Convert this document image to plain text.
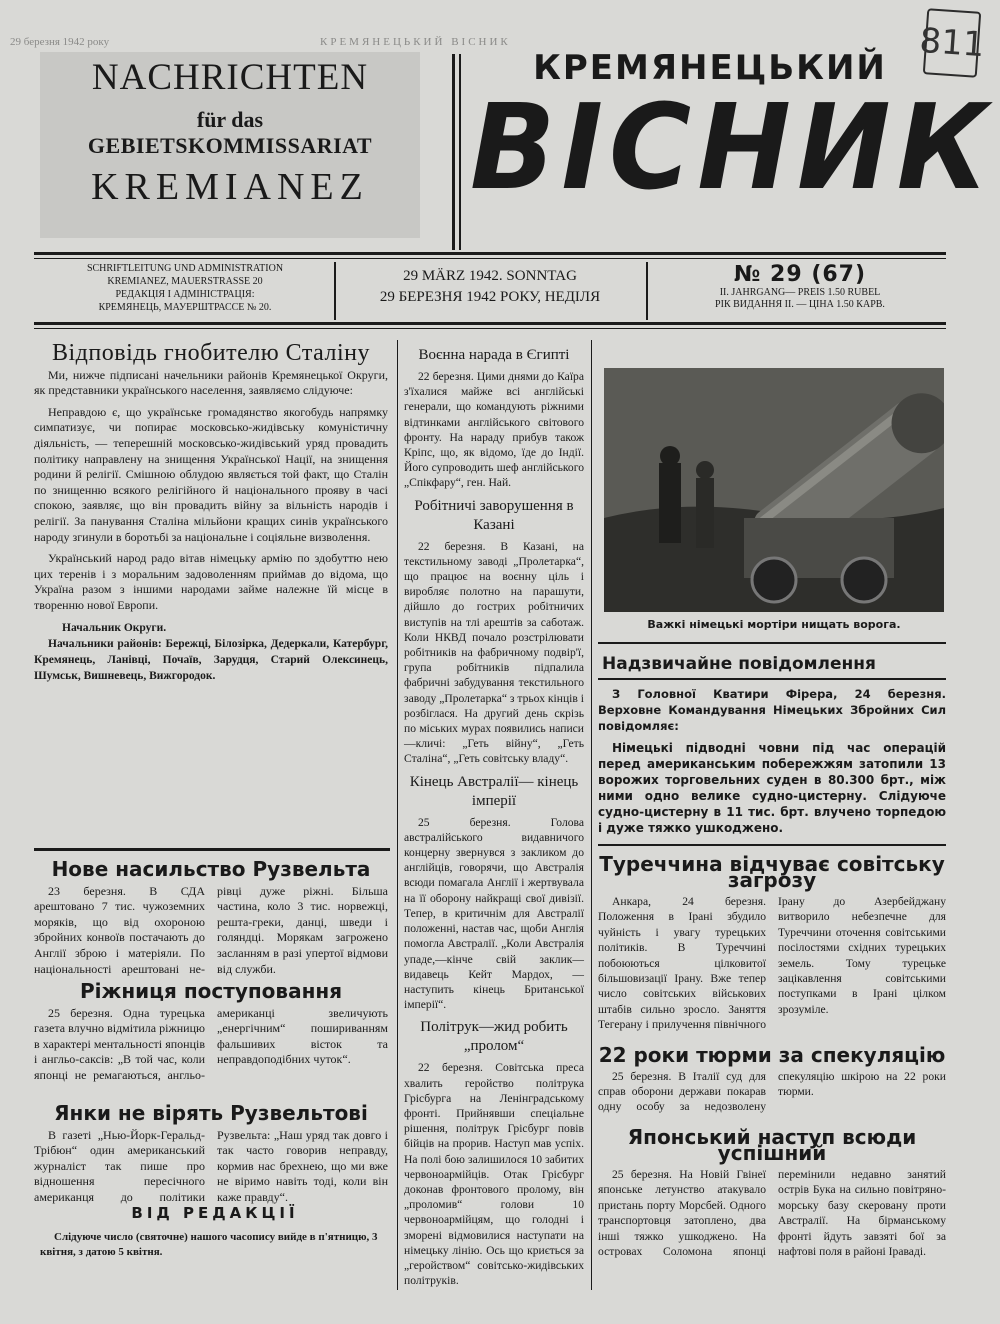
29 березня 1942 року	КРЕМЯНЕЦЬКИЙ ВІСНИК	811
NACHRICHTEN
für das
GEBIETSKOMMISSARIAT
KREMIANEZ
КРЕМЯНЕЦЬКИЙ
ВІСНИК
SCHRIFTLEITUNG UND ADMINISTRATION
KREMIANEZ, MAUERSTRASSE 20
РЕДАКЦІЯ І АДМІНІСТРАЦІЯ:
КРЕМЯНЕЦЬ, МАУЕРШТРАССЕ № 20.
29 MÄRZ 1942. SONNTAG
29 БЕРЕЗНЯ 1942 РОКУ, НЕДІЛЯ
№ 29 (67)
II. JAHRGANG— PREIS 1.50 RUBEL
РІК ВИДАННЯ II. — ЦІНА 1.50 КАРВ.
Відповідь гнобителю Сталіну

Ми, нижче підписані начельники районів Кремянецької Округи, як представники українського населення, заявляємо слідуюче:

Неправдою є, що українське громадянство якогобудь напрямку симпатизує, чи попирає московсько-жидівську комуністичну діяльність, — теперешній московсько-жидівський уряд провадить політику направлену на знищення Української Нації, на знищення родини й релігії. Смішною облудою являється той факт, що Сталін по знищенню всякого релігійного й національного прояву в часі спокою, заявляє, що він провадить війну за вільність народів і релігії. За панування Сталіна мільйони кращих синів українського народу згинули в боротьбі за національне і соціяльне визволення.

Український народ радо вітав німецьку армію по здобуттю нею цих теренів і з моральним задоволенням приймав до відома, що Україна разом з іншими народами займе належне їй місце в твоpенню нової Европи.

Начальник Округи.
Начальники районів: Бережці, Білозірка, Дедеркали, Катербург, Кремянець, Ланівці, Почаїв, Зарудця, Старий Олексинець, Шумськ, Вишневець, Вижгородок.
Нове насильство Рузвельта

23 березня. В СДА арештовано 7 тис. чужоземних моряків, що від охороною збройних конвоїв постачають до Англії зброю і матеріяли. По національності арештовані не-рівці дуже ріжні. Більша частина, коло 3 тис. норвежці, решта-греки, данці, шведи і голяндці. Морякам загрожено засланням в разі упертої відмови від служби.

Ріжниця поступовання

25 березня. Одна турецька газета влучно відмітила ріжницю в характері ментальності японців і англьо-саксів: „В той час, коли японці не ремагаються, англьо-американці звеличують „енергічним“ пошириванням фальшивих вісток та неправдоподібних чуток“.

Янки не вірять Рузвельтові

В газеті „Нью-Йорк-Геральд-Трібюн“ один американський журналіст так пише про відношення пересічного американця до політики Рузвельта: „Наш уряд так довго і так часто говорив неправду, кормив нас брехнею, що ми вже не віримо навіть тоді, коли він каже правду“.

ВІД РЕДАКЦІЇ
Слідуюче число (святочне) нашого часопису вийде в п'ятницю, 3 квітня, з датою 5 квітня.
Воєнна нарада в Єгипті

22 березня. Цими днями до Каїра з'їхалися майже всі англійські генерали, що командують ріжними відтинками англійського світового фронту. На нараду прибув також Кріпс, що, як відомо, їде до Індії. Його супроводить шеф англійського „Спікфару“, ген. Най.

Робітничі заворушення в Казані

22 березня. В Казані, на текстильному заводі „Пролетарка“, що працює на воєнну ціль і виробляє полотно на парашути, дійшло до гострих робітничих виступів на тлі арештів за саботаж. Коли НКВД почало розстрілювати робітників на фабричному подвір'ї, група робітників підпалила фабричні забудування текстильного заводу „Пролетарка“ з трьох кінців і розбіглася. На другий день скрізь по міських мурах появились написи—кличі: „Геть війну“, „Геть Сталіна“, „Геть совітську владу“.

Кінець Австралії— кінець імперії

25 березня. Голова австралійського видавничого концерну звернувся з закликом до англійців, говорячи, що Австралія всюди помагала Англії і жертвувала на її оборону найкращі свої дивізії. Тепер, в критичнім для Австралії положенні, настав час, щоби Англія помогла Австралії. „Коли Австралія упаде,—кінче свій заклик—видавець Кейт Мардох, — наступить кінець Британської імперії“.

Політрук—жид робить „пролом“

22 березня. Совітська преса хвалить геройство політрука Грісбурга на Ленінградському фронті. Прийнявши спеціальне рішення, політрук Грісбург повів бійців на прорив. Наступ мав успіх. На полі бою залишилося 10 забитих червоноармійців. Отак Грісбург доконав фронтового пролому, він „проломив“ голови 10 червоноармійцям, що голодні і зморені відмовилися наступати на німецьку лінію. Ось що криється за „геройством“ совітсько-жидівських політруків.

Важкі німецькі мортіри нищать ворога.
Надзвичайне повідомлення

З Головної Кватири Фірера, 24 березня. Верховне Командування Німецьких Збройних Сил повідомляє:

Німецькі підводні човни під час операцій перед американським побережжям затопили 13 ворожих торговельних суден в 80.300 брт., між ними одно велике судно-цистерну. Слідуюче судно-цистерну в 11 тис. брт. влучено торпедою і дуже тяжко ушкоджено.

Туреччина відчуває совітську загрозу

Анкара, 24 березня. Положення в Ірані збудило чуйність і увагу турецьких політиків. В Туреччині побоюються цілковитої більшовизації Ірану. Вже тепер число совітських військових штабів сильно зросло. Заняття Тегерану і прилучення північного Ірану до Азербейджану витворило небезпечне для Туреччини оточення совітськими посілостями східних турецьких земель. Тому турецьке зацікавлення совітськими поступками в Ірані цілком зрозуміле.

22 роки тюрми за спекуляцію

25 березня. В Італії суд для справ оборони держави покарав одну особу за недозволену спекуляцію шкірою на 22 роки тюрми.

Японський наступ всюди успішний

25 березня. На Новій Гвінеї японське летунство атакувало пристань порту Морсбей. Одного транспортовця затоплено, два інші тяжко ушкоджено. На островах Соломона японці перемінили недавно занятий острів Бука на сильно повітряно-морську базу скеровану проти Австралії. На бірманському фронті йдуть завзяті бої за нафтові поля в районі Іраваді.
